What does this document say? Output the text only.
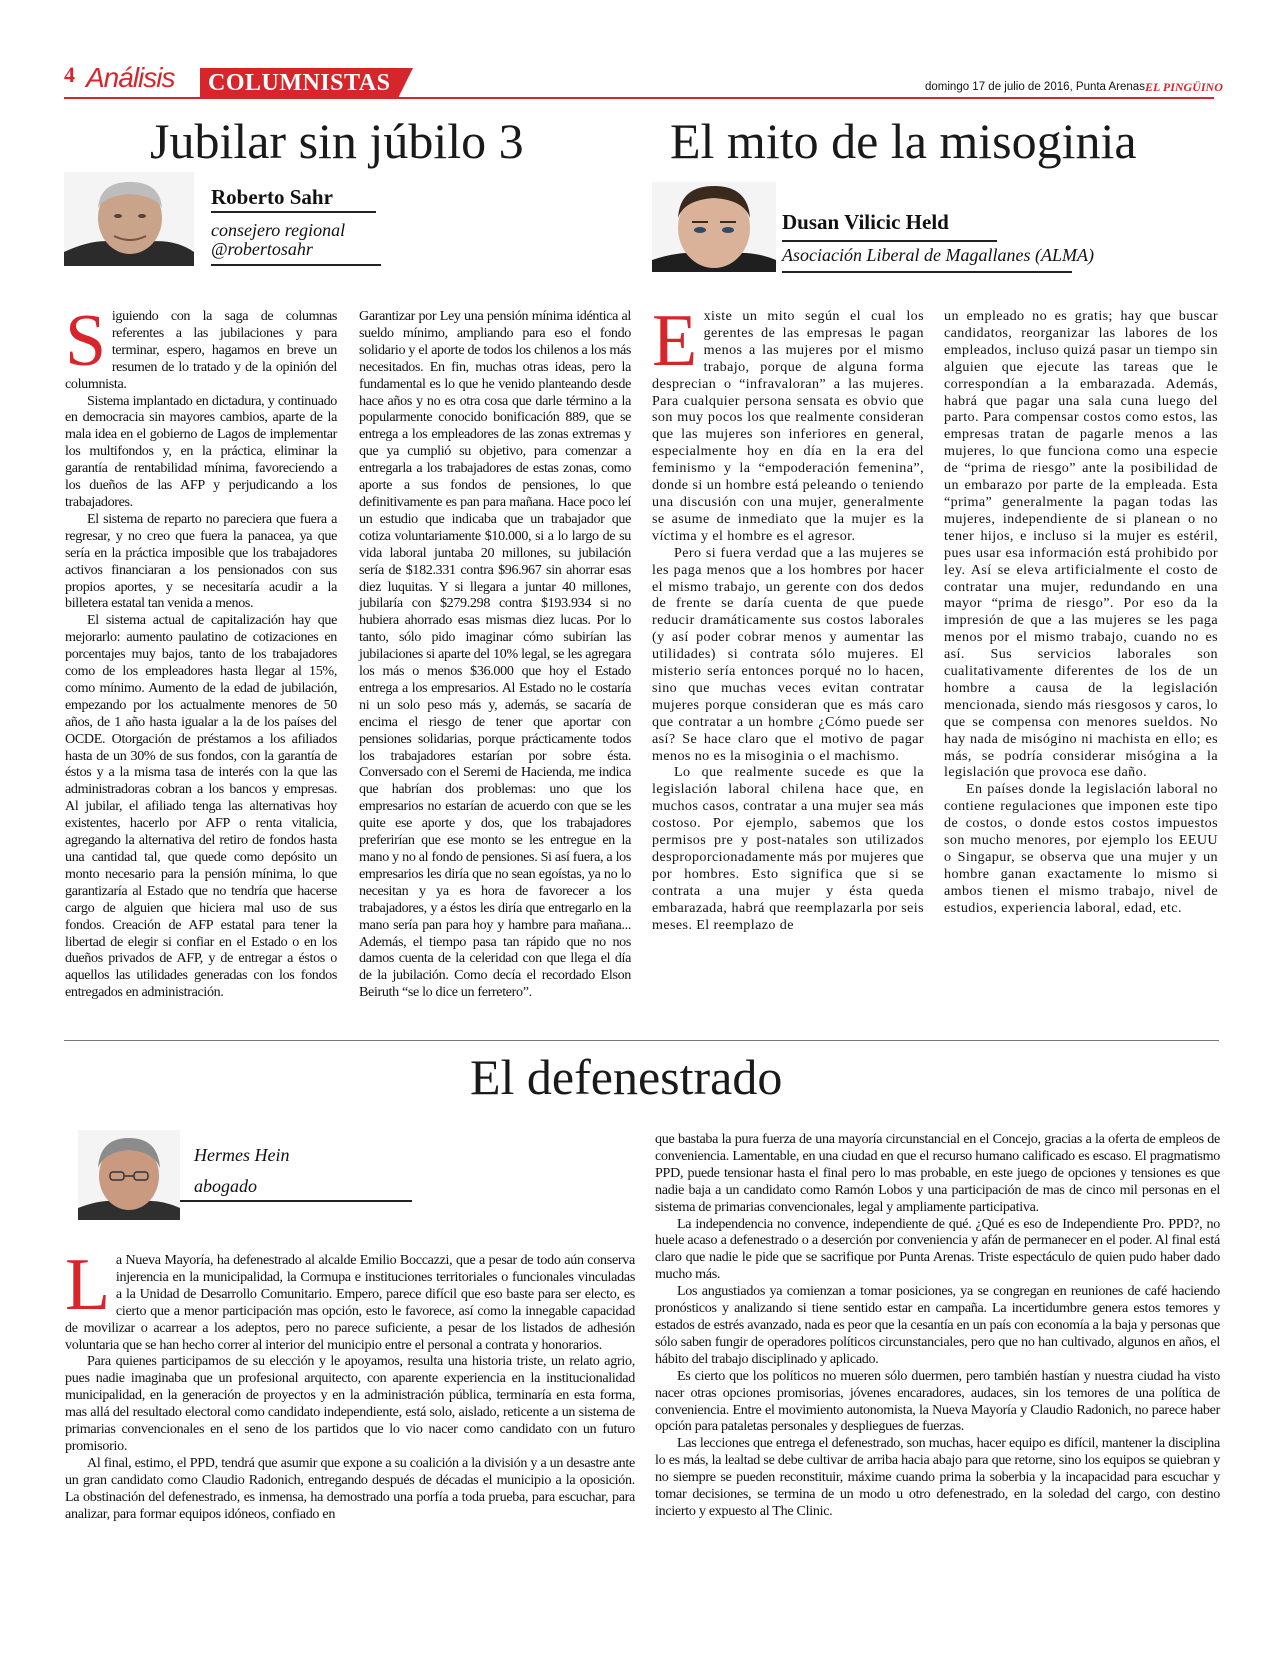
4 Análisis COLUMNISTAS	domingo 17 de julio de 2016, Punta Arenas EL PINGÜINO
Jubilar sin júbilo 3
Roberto Sahr
consejero regional
@robertosahr
S iguiendo con la saga de columnas referentes a las jubilaciones y para terminar, espero, hagamos en breve un resumen de lo tratado y de la opinión del columnista.

Sistema implantado en dictadura, y continuado en democracia sin mayores cambios, aparte de la mala idea en el gobierno de Lagos de implementar los multifondos y, en la práctica, eliminar la garantía de rentabilidad mínima, favoreciendo a los dueños de las AFP y perjudicando a los trabajadores.

El sistema de reparto no pareciera que fuera a regresar, y no creo que fuera la panacea, ya que sería en la práctica imposible que los trabajadores activos financiaran a los pensionados con sus propios aportes, y se necesitaría acudir a la billetera estatal tan venida a menos.

El sistema actual de capitalización hay que mejorarlo: aumento paulatino de cotizaciones en porcentajes muy bajos, tanto de los trabajadores como de los empleadores hasta llegar al 15%, como mínimo. Aumento de la edad de jubilación, empezando por los actualmente menores de 50 años, de 1 año hasta igualar a la de los países del OCDE. Otorgación de préstamos a los afiliados hasta de un 30% de sus fondos, con la garantía de éstos y a la misma tasa de interés con la que las administradoras cobran a los bancos y empresas. Al jubilar, el afiliado tenga las alternativas hoy existentes, hacerlo por AFP o renta vitalicia, agregando la alternativa del retiro de fondos hasta una cantidad tal, que quede como depósito un monto necesario para la pensión mínima, lo que garantizaría al Estado que no tendría que hacerse cargo de alguien que hiciera mal uso de sus fondos. Creación de AFP estatal para tener la libertad de elegir si confiar en el Estado o en los dueños privados de AFP, y de entregar a éstos o aquellos las utilidades generadas con los fondos entregados en administración.

Garantizar por Ley una pensión mínima idéntica al sueldo mínimo, ampliando para eso el fondo solidario y el aporte de todos los chilenos a los más necesitados. En fin, muchas otras ideas, pero la fundamental es lo que he venido planteando desde hace años y no es otra cosa que darle término a la popularmente conocido bonificación 889, que se entrega a los empleadores de las zonas extremas y que ya cumplió su objetivo, para comenzar a entregarla a los trabajadores de estas zonas, como aporte a sus fondos de pensiones, lo que definitivamente es pan para mañana. Hace poco leí un estudio que indicaba que un trabajador que cotiza voluntariamente $10.000, si a lo largo de su vida laboral juntaba 20 millones, su jubilación sería de $182.331 contra $96.967 sin ahorrar esas diez luquitas. Y si llegara a juntar 40 millones, jubilaría con $279.298 contra $193.934 si no hubiera ahorrado esas mismas diez lucas. Por lo tanto, sólo pido imaginar cómo subirían las jubilaciones si aparte del 10% legal, se les agregara los más o menos $36.000 que hoy el Estado entrega a los empresarios. Al Estado no le costaría ni un solo peso más y, además, se sacaría de encima el riesgo de tener que aportar con pensiones solidarias, porque prácticamente todos los trabajadores estarían por sobre ésta. Conversado con el Seremi de Hacienda, me indica que habrían dos problemas: uno que los empresarios no estarían de acuerdo con que se les quite ese aporte y dos, que los trabajadores preferirían que ese monto se les entregue en la mano y no al fondo de pensiones. Si así fuera, a los empresarios les diría que no sean egoístas, ya no lo necesitan y ya es hora de favorecer a los trabajadores, y a éstos les diría que entregarlo en la mano sería pan para hoy y hambre para mañana... Además, el tiempo pasa tan rápido que no nos damos cuenta de la celeridad con que llega el día de la jubilación. Como decía el recordado Elson Beiruth “se lo dice un ferretero”.

El mito de la misoginia
Dusan Vilicic Held
Asociación Liberal de Magallanes (ALMA)
E xiste un mito según el cual los gerentes de las empresas le pagan menos a las mujeres por el mismo trabajo, porque de alguna forma desprecian o “infravaloran” a las mujeres. Para cualquier persona sensata es obvio que son muy pocos los que realmente consideran que las mujeres son inferiores en general, especialmente hoy en día en la era del feminismo y la “empoderación femenina”, donde si un hombre está peleando o teniendo una discusión con una mujer, generalmente se asume de inmediato que la mujer es la víctima y el hombre es el agresor.

Pero si fuera verdad que a las mujeres se les paga menos que a los hombres por hacer el mismo trabajo, un gerente con dos dedos de frente se daría cuenta de que puede reducir dramáticamente sus costos laborales (y así poder cobrar menos y aumentar las utilidades) si contrata sólo mujeres. El misterio sería entonces porqué no lo hacen, sino que muchas veces evitan contratar mujeres porque consideran que es más caro que contratar a un hombre ¿Cómo puede ser así? Se hace claro que el motivo de pagar menos no es la misoginia o el machismo.

Lo que realmente sucede es que la legislación laboral chilena hace que, en muchos casos, contratar a una mujer sea más costoso. Por ejemplo, sabemos que los permisos pre y post-natales son utilizados desproporcionadamente más por mujeres que por hombres. Esto significa que si se contrata a una mujer y ésta queda embarazada, habrá que reemplazarla por seis meses. El reemplazo de

un empleado no es gratis; hay que buscar candidatos, reorganizar las labores de los empleados, incluso quizá pasar un tiempo sin alguien que ejecute las tareas que le correspondían a la embarazada. Además, habrá que pagar una sala cuna luego del parto. Para compensar costos como estos, las empresas tratan de pagarle menos a las mujeres, lo que funciona como una especie de “prima de riesgo” ante la posibilidad de un embarazo por parte de la empleada. Esta “prima” generalmente la pagan todas las mujeres, independiente de si planean o no tener hijos, e incluso si la mujer es estéril, pues usar esa información está prohibido por ley. Así se eleva artificialmente el costo de contratar una mujer, redundando en una mayor “prima de riesgo”. Por eso da la impresión de que a las mujeres se les paga menos por el mismo trabajo, cuando no es así. Sus servicios laborales son cualitativamente diferentes de los de un hombre a causa de la legislación mencionada, siendo más riesgosos y caros, lo que se compensa con menores sueldos. No hay nada de misógino ni machista en ello; es más, se podría considerar misógina a la legislación que provoca ese daño.

En países donde la legislación laboral no contiene regulaciones que imponen este tipo de costos, o donde estos costos impuestos son mucho menores, por ejemplo los EEUU o Singapur, se observa que una mujer y un hombre ganan exactamente lo mismo si ambos tienen el mismo trabajo, nivel de estudios, experiencia laboral, edad, etc.

El defenestrado
Hermes Hein
abogado
L a Nueva Mayoría, ha defenestrado al alcalde Emilio Boccazzi, que a pesar de todo aún conserva injerencia en la municipalidad, la Cormupa e instituciones territoriales o funcionales vinculadas a la Unidad de Desarrollo Comunitario. Empero, parece difícil que eso baste para ser electo, es cierto que a menor participación mas opción, esto le favorece, así como la innegable capacidad de movilizar o acarrear a los adeptos, pero no parece suficiente, a pesar de los listados de adhesión voluntaria que se han hecho correr al interior del municipio entre el personal a contrata y honorarios.

Para quienes participamos de su elección y le apoyamos, resulta una historia triste, un relato agrio, pues nadie imaginaba que un profesional arquitecto, con aparente experiencia en la institucionalidad municipalidad, en la generación de proyectos y en la administración pública, terminaría en esta forma, mas allá del resultado electoral como candidato independiente, está solo, aislado, reticente a un sistema de primarias convencionales en el seno de los partidos que lo vio nacer como candidato con un futuro promisorio.

Al final, estimo, el PPD, tendrá que asumir que expone a su coalición a la división y a un desastre ante un gran candidato como Claudio Radonich, entregando después de décadas el municipio a la oposición. La obstinación del defenestrado, es inmensa, ha demostrado una porfía a toda prueba, para escuchar, para analizar, para formar equipos idóneos, confiado en

que bastaba la pura fuerza de una mayoría circunstancial en el Concejo, gracias a la oferta de empleos de conveniencia. Lamentable, en una ciudad en que el recurso humano calificado es escaso. El pragmatismo PPD, puede tensionar hasta el final pero lo mas probable, en este juego de opciones y tensiones es que nadie baja a un candidato como Ramón Lobos y una participación de mas de cinco mil personas en el sistema de primarias convencionales, legal y ampliamente participativa.

La independencia no convence, independiente de qué. ¿Qué es eso de Independiente Pro. PPD?, no huele acaso a defenestrado o a deserción por conveniencia y afán de permanecer en el poder. Al final está claro que nadie le pide que se sacrifique por Punta Arenas. Triste espectáculo de quien pudo haber dado mucho más.

Los angustiados ya comienzan a tomar posiciones, ya se congregan en reuniones de café haciendo pronósticos y analizando si tiene sentido estar en campaña. La incertidumbre genera estos temores y estados de estrés avanzado, nada es peor que la cesantía en un país con economía a la baja y personas que sólo saben fungir de operadores políticos circunstanciales, pero que no han cultivado, algunos en años, el hábito del trabajo disciplinado y aplicado.

Es cierto que los políticos no mueren sólo duermen, pero también hastían y nuestra ciudad ha visto nacer otras opciones promisorias, jóvenes encaradores, audaces, sin los temores de una política de conveniencia. Entre el movimiento autonomista, la Nueva Mayoría y Claudio Radonich, no parece haber opción para pataletas personales y despliegues de fuerzas.

Las lecciones que entrega el defenestrado, son muchas, hacer equipo es difícil, mantener la disciplina lo es más, la lealtad se debe cultivar de arriba hacia abajo para que retorne, sino los equipos se quiebran y no siempre se pueden reconstituir, máxime cuando prima la soberbia y la incapacidad para escuchar y tomar decisiones, se termina de un modo u otro defenestrado, en la soledad del cargo, con destino incierto y expuesto al The Clinic.
